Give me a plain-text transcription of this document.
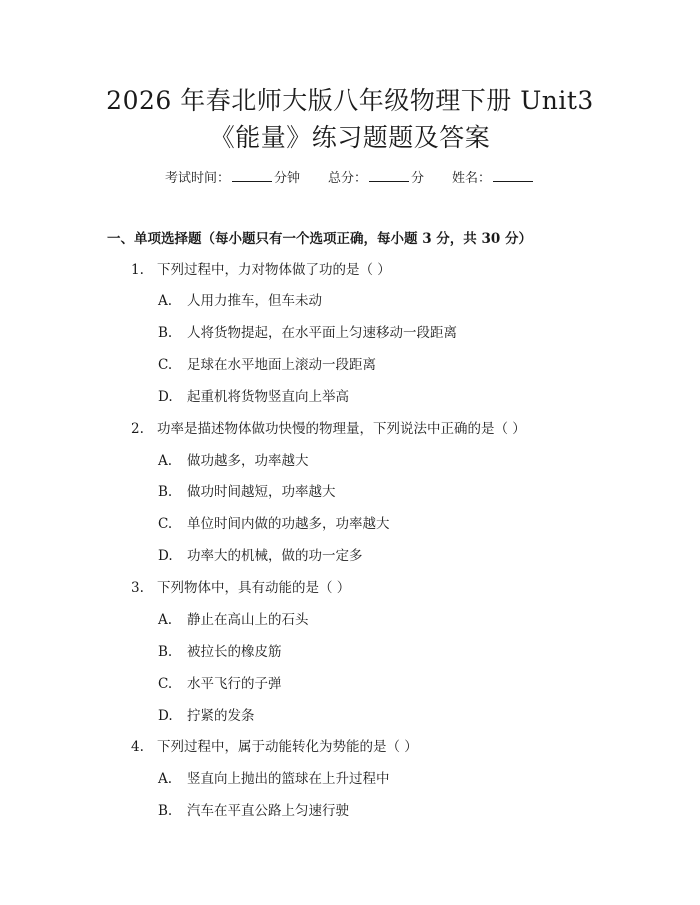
2026 年春北师大版八年级物理下册 Unit3
《能量》练习题题及答案
考试时间：	分钟 总分：	分 姓名：
一、单项选择题（每小题只有一个选项正确，每小题 3 分，共 30 分）
1. 下列过程中，力对物体做了功的是（ ）
A. 人用力推车，但车未动
B. 人将货物提起，在水平面上匀速移动一段距离
C. 足球在水平地面上滚动一段距离
D. 起重机将货物竖直向上举高
2. 功率是描述物体做功快慢的物理量，下列说法中正确的是（ ）
A. 做功越多，功率越大
B. 做功时间越短，功率越大
C. 单位时间内做的功越多，功率越大
D. 功率大的机械，做的功一定多
3. 下列物体中，具有动能的是（ ）
A. 静止在高山上的石头
B. 被拉长的橡皮筋
C. 水平飞行的子弹
D. 拧紧的发条
4. 下列过程中，属于动能转化为势能的是（ ）
A. 竖直向上抛出的篮球在上升过程中
B. 汽车在平直公路上匀速行驶
